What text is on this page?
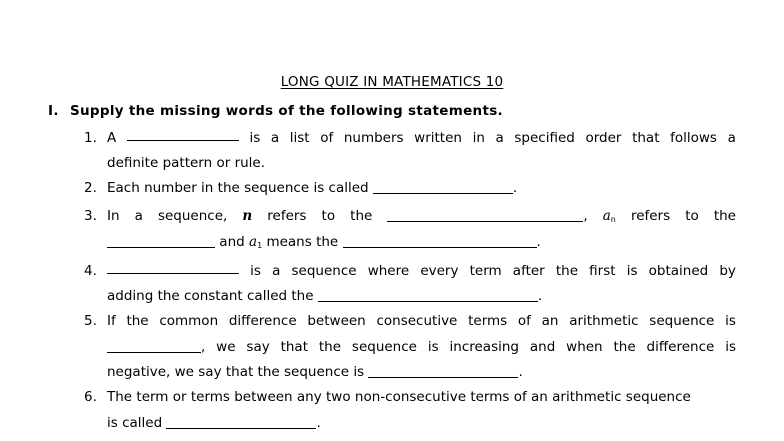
LONG QUIZ IN MATHEMATICS 10
I. Supply the missing words of the following statements.
1. A	is a list of numbers written in a specified order that follows a
definite pattern or rule.
2. Each number in the sequence is called	.
3. In a sequence, n refers to the	, $a_n$ refers to the
and $a_1$ means the	.
4.	is a sequence where every term after the first is obtained by
adding the constant called the	.
5. If the common difference between consecutive terms of an arithmetic sequence is
, we say that the sequence is increasing and when the difference is
negative, we say that the sequence is	.
6. The term or terms between any two non-consecutive terms of an arithmetic sequence
is called	.
